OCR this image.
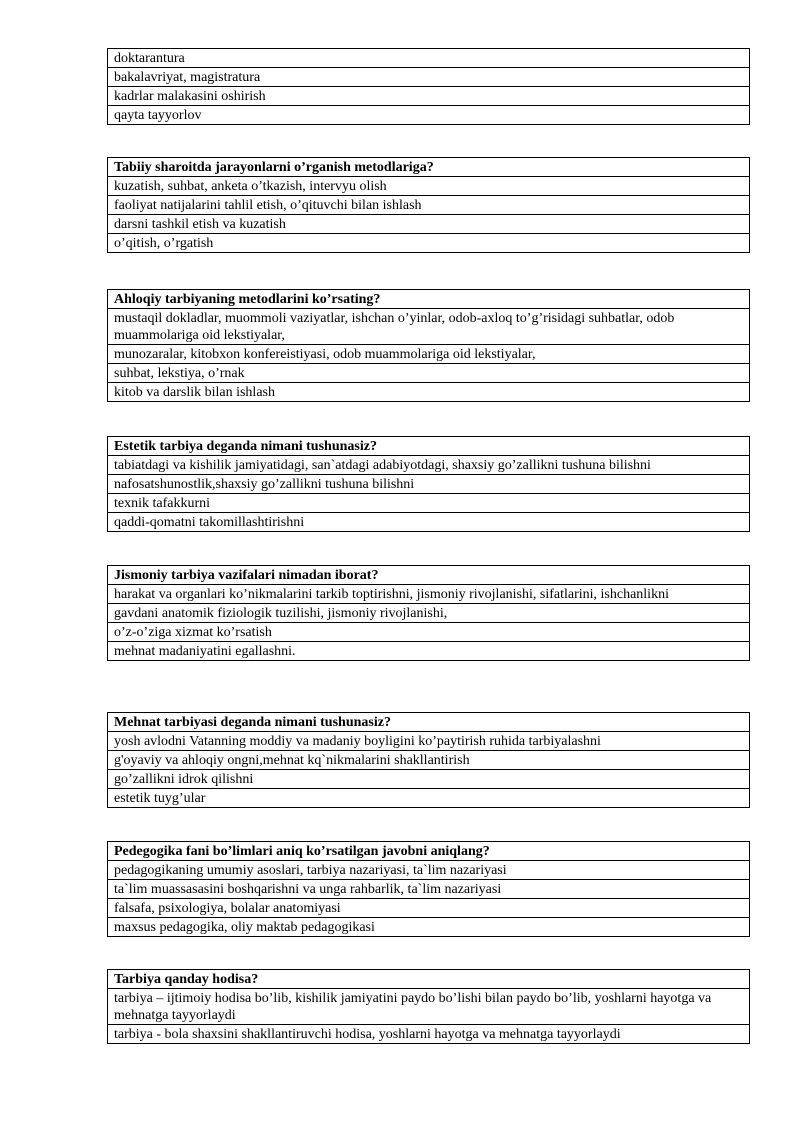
doktarantura
bakalavriyat, magistratura
kadrlar malakasini oshirish
qayta tayyorlov
Tabiiy sharoitda jarayonlarni o’rganish metodlariga?
kuzatish, suhbat, anketa o’tkazish, intervyu olish
faoliyat natijalarini tahlil etish, o’qituvchi bilan ishlash
darsni tashkil etish va kuzatish
o’qitish, o’rgatish
Ahloqiy tarbiyaning metodlarini ko’rsating?
mustaqil dokladlar, muommoli vaziyatlar, ishchan o’yinlar, odob-axloq to’g’risidagi suhbatlar, odob muammolariga oid lekstiyalar,
munozaralar, kitobxon konfereistiyasi, odob muammolariga oid lekstiyalar,
suhbat, lekstiya, o’rnak
kitob va darslik bilan ishlash
Estetik tarbiya deganda nimani tushunasiz?
tabiatdagi va kishilik jamiyatidagi, san`atdagi adabiyotdagi, shaxsiy go’zallikni tushuna bilishni
nafosatshunostlik,shaxsiy go’zallikni tushuna bilishni
texnik tafakkurni
qaddi-qomatni takomillashtirishni
Jismoniy tarbiya vazifalari nimadan iborat?
harakat va organlari ko’nikmalarini tarkib toptirishni, jismoniy rivojlanishi, sifatlarini, ishchanlikni
gavdani anatomik fiziologik tuzilishi, jismoniy rivojlanishi,
o’z-o’ziga xizmat ko’rsatish
mehnat madaniyatini egallashni.
Mehnat tarbiyasi deganda nimani tushunasiz?
yosh avlodni Vatanning moddiy va madaniy boyligini ko’paytirish ruhida tarbiyalashni
g'oyaviy va ahloqiy ongni,mehnat kq`nikmalarini shakllantirish
go’zallikni idrok qilishni
estetik tuyg’ular
Pedegogika fani bo’limlari aniq ko’rsatilgan javobni aniqlang?
pedagogikaning umumiy asoslari, tarbiya nazariyasi, ta`lim nazariyasi
ta`lim muassasasini boshqarishni va unga rahbarlik, ta`lim nazariyasi
falsafa, psixologiya, bolalar anatomiyasi
maxsus pedagogika, oliy maktab pedagogikasi
Tarbiya qanday hodisa?
tarbiya – ijtimoiy hodisa bo’lib, kishilik jamiyatini paydo bo’lishi bilan paydo bo’lib, yoshlarni hayotga va mehnatga tayyorlaydi
tarbiya - bola shaxsini shakllantiruvchi hodisa, yoshlarni hayotga va mehnatga tayyorlaydi
